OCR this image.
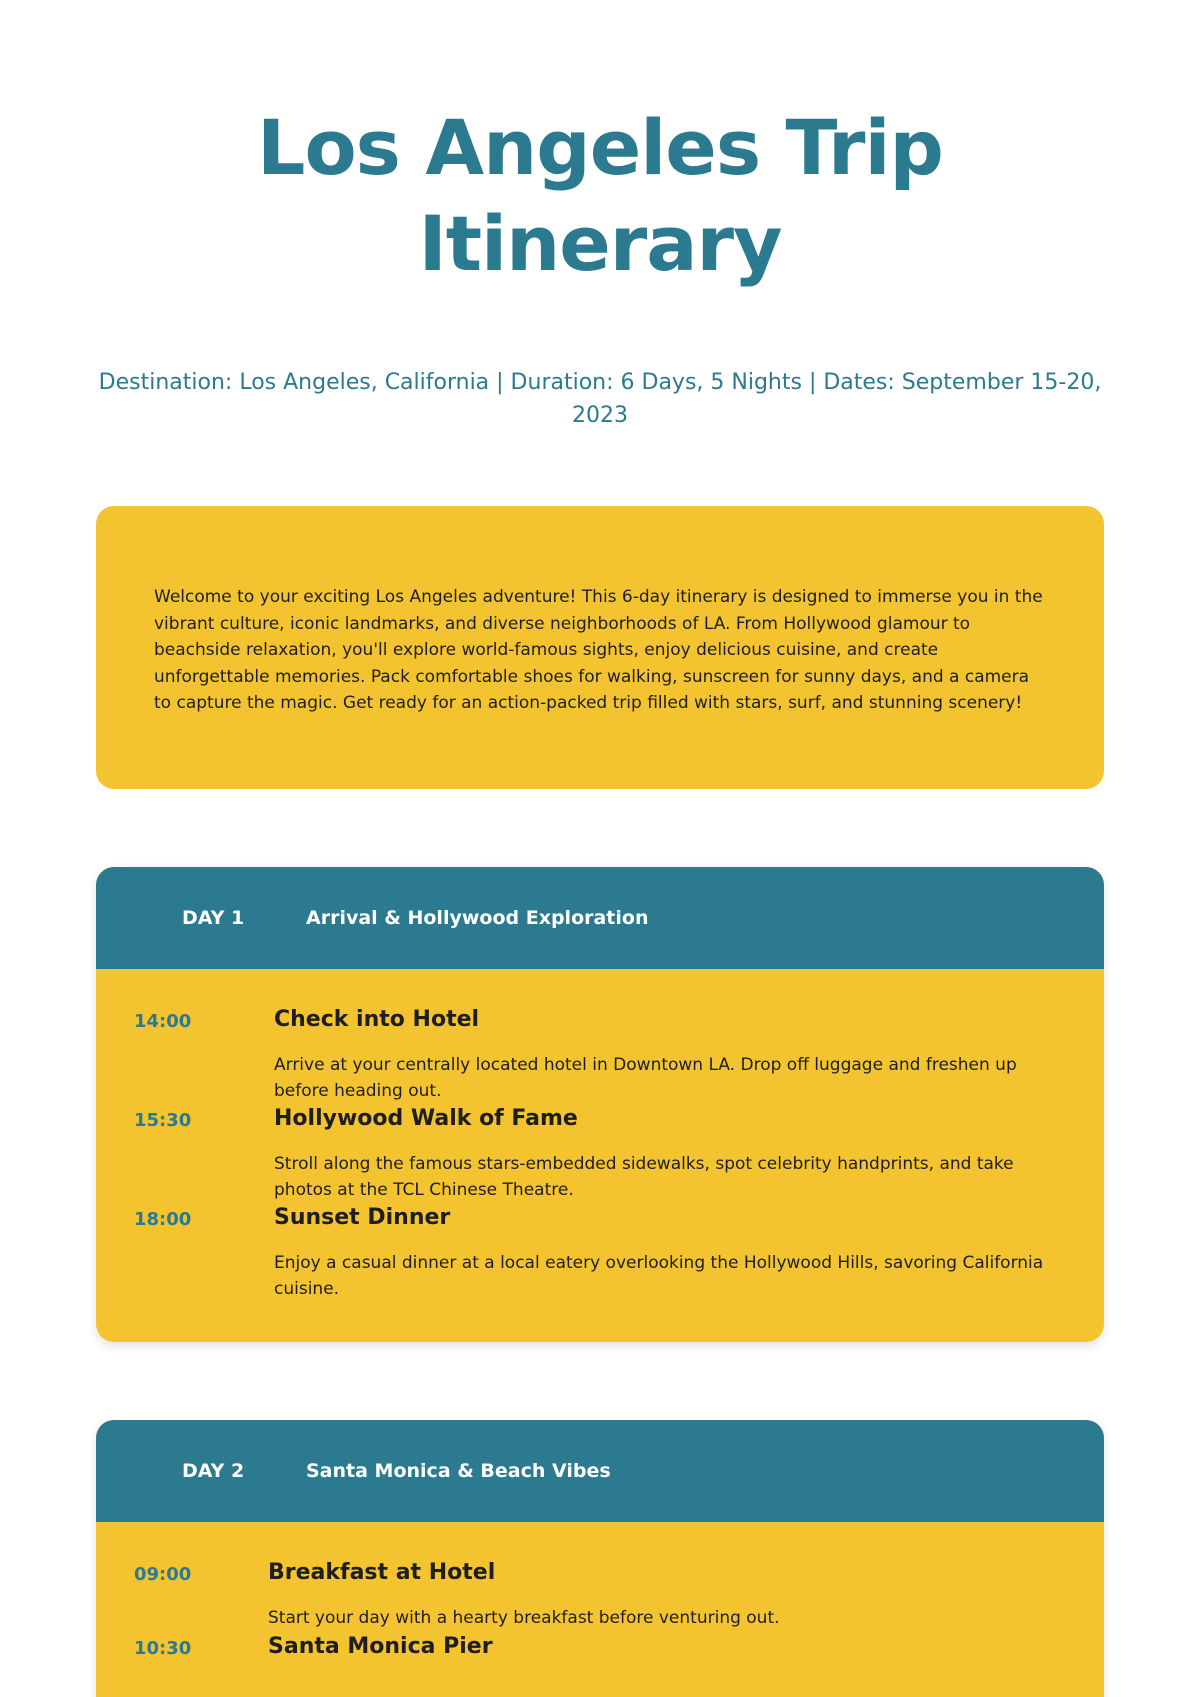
Los Angeles Trip Itinerary

Destination: Los Angeles, California | Duration: 6 Days, 5 Nights | Dates: September 15-20, 2023

Welcome to your exciting Los Angeles adventure! This 6-day itinerary is designed to immerse you in the vibrant culture, iconic landmarks, and diverse neighborhoods of LA. From Hollywood glamour to beachside relaxation, you'll explore world-famous sights, enjoy delicious cuisine, and create unforgettable memories. Pack comfortable shoes for walking, sunscreen for sunny days, and a camera to capture the magic. Get ready for an action-packed trip filled with stars, surf, and stunning scenery!

DAY 1	Arrival & Hollywood Exploration
14:00	Check into Hotel
Arrive at your centrally located hotel in Downtown LA. Drop off luggage and freshen up before heading out.
15:30	Hollywood Walk of Fame
Stroll along the famous stars-embedded sidewalks, spot celebrity handprints, and take photos at the TCL Chinese Theatre.
18:00	Sunset Dinner
Enjoy a casual dinner at a local eatery overlooking the Hollywood Hills, savoring California cuisine.
DAY 2	Santa Monica & Beach Vibes
09:00	Breakfast at Hotel
Start your day with a hearty breakfast before venturing out.
10:30	Santa Monica Pier
